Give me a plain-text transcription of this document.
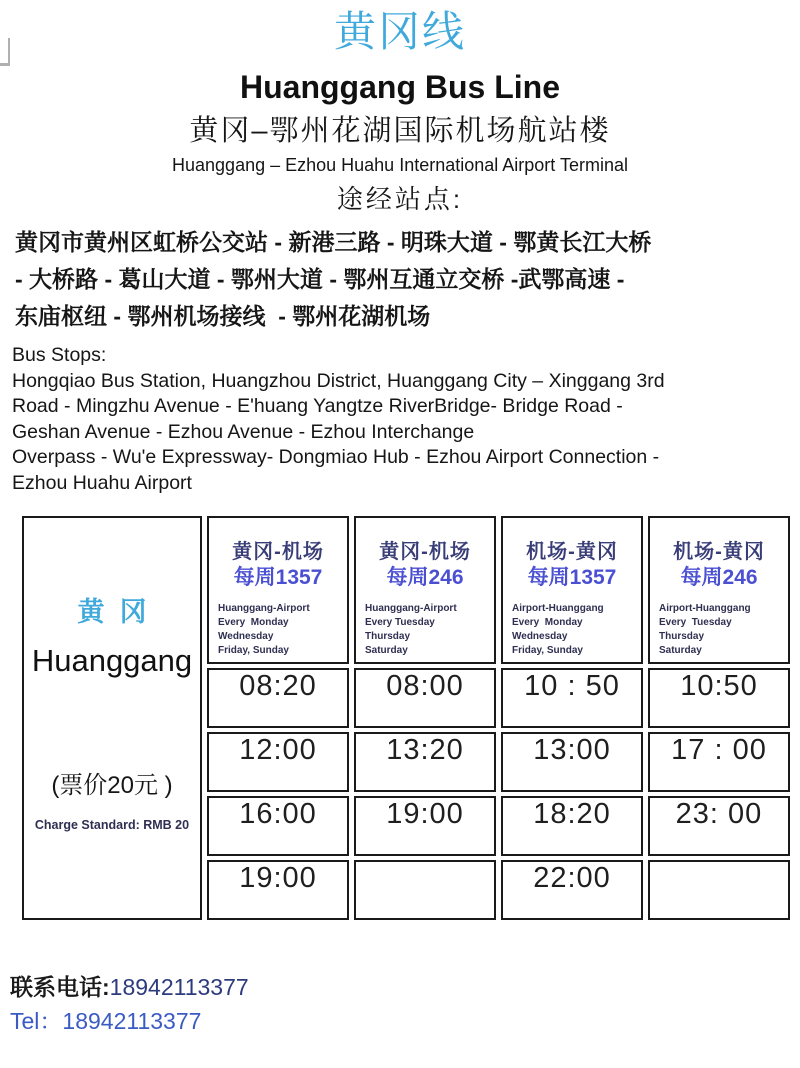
黄冈线
Huanggang Bus Line
黄冈–鄂州花湖国际机场航站楼
Huanggang – Ezhou Huahu International Airport Terminal
途经站点:
黄冈市黄州区虹桥公交站 - 新港三路 - 明珠大道 - 鄂黄长江大桥
- 大桥路 - 葛山大道 - 鄂州大道 - 鄂州互通立交桥 -武鄂高速 -
东庙枢纽 - 鄂州机场接线  - 鄂州花湖机场
Bus Stops:
Hongqiao Bus Station, Huangzhou District, Huanggang City – Xinggang 3rd
Road - Mingzhu Avenue - E'huang Yangtze RiverBridge- Bridge Road -
Geshan Avenue - Ezhou Avenue - Ezhou Interchange
Overpass - Wu'e Expressway- Dongmiao Hub - Ezhou Airport Connection -
Ezhou Huahu Airport
黄  冈
Huanggang
(票价20元 )
Charge Standard: RMB 20

黄冈-机场
每周1357
Huanggang-Airport
Every  Monday
Wednesday
Friday, Sunday

黄冈-机场
每周246
Huanggang-Airport
Every Tuesday
Thursday
Saturday

机场-黄冈
每周1357
Airport-Huanggang
Every  Monday
Wednesday
Friday, Sunday

机场-黄冈
每周246
Airport-Huanggang
Every  Tuesday
Thursday
Saturday

	08:20	08:00	10 : 50	10:50
	12:00	13:20	13:00	17 : 00
	16:00	19:00	18:20	23: 00
	19:00		22:00	
联系电话:18942113377
Tel：18942113377
